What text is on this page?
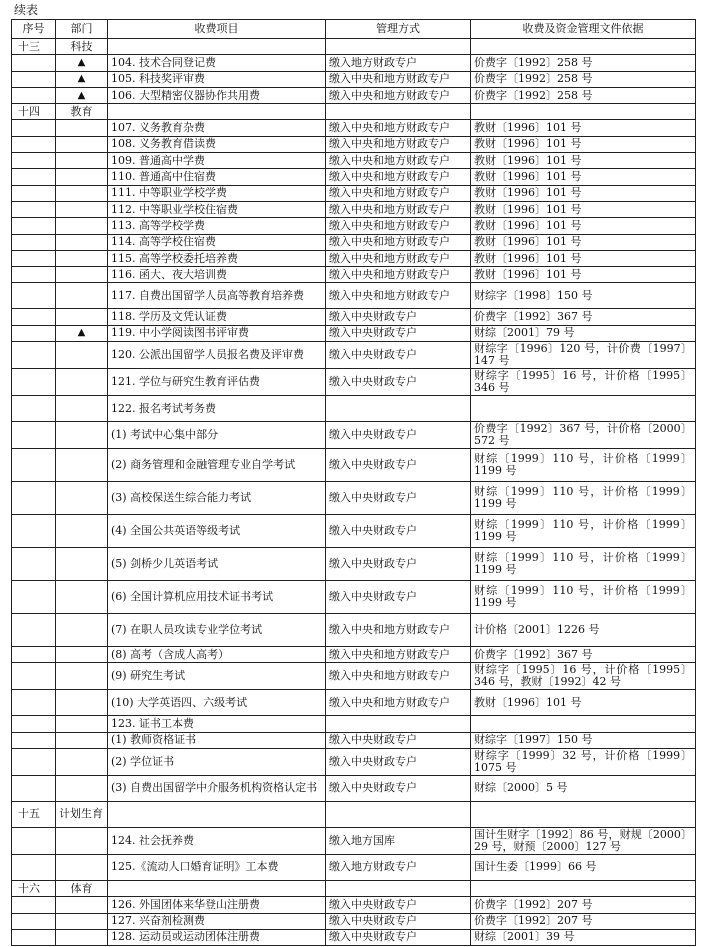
续表
序号	部门	收费项目	管理方式	收费及资金管理文件依据
十三	科技			
	▲	104. 技术合同登记费	缴入地方财政专户	价费字〔1992〕258 号
	▲	105. 科技奖评审费	缴入中央和地方财政专户	价费字〔1992〕258 号
	▲	106. 大型精密仪器协作共用费	缴入中央和地方财政专户	价费字〔1992〕258 号
十四	教育			
		107. 义务教育杂费	缴入中央和地方财政专户	教财〔1996〕101 号
		108. 义务教育借读费	缴入中央和地方财政专户	教财〔1996〕101 号
		109. 普通高中学费	缴入中央和地方财政专户	教财〔1996〕101 号
		110. 普通高中住宿费	缴入中央和地方财政专户	教财〔1996〕101 号
		111. 中等职业学校学费	缴入中央和地方财政专户	教财〔1996〕101 号
		112. 中等职业学校住宿费	缴入中央和地方财政专户	教财〔1996〕101 号
		113. 高等学校学费	缴入中央和地方财政专户	教财〔1996〕101 号
		114. 高等学校住宿费	缴入中央和地方财政专户	教财〔1996〕101 号
		115. 高等学校委托培养费	缴入中央和地方财政专户	教财〔1996〕101 号
		116. 函大、夜大培训费	缴入中央和地方财政专户	教财〔1996〕101 号
		117. 自费出国留学人员高等教育培养费	缴入中央和地方财政专户	财综字〔1998〕150 号
		118. 学历及文凭认证费	缴入中央财政专户	价费字〔1992〕367 号
	▲	119. 中小学阅读图书评审费	缴入中央财政专户	财综〔2001〕79 号
		120. 公派出国留学人员报名费及评审费	缴入中央财政专户	财综字〔1996〕120 号，计价费〔1997〕147 号
		121. 学位与研究生教育评估费	缴入中央财政专户	财综字〔1995〕16 号，计价格〔1995〕346 号
		122. 报名考试考务费		
		(1) 考试中心集中部分	缴入中央财政专户	价费字〔1992〕367 号，计价格〔2000〕572 号
		(2) 商务管理和金融管理专业自学考试	缴入中央财政专户	财综〔1999〕110 号，计价格〔1999〕1199 号
		(3) 高校保送生综合能力考试	缴入中央财政专户	财综〔1999〕110 号，计价格〔1999〕1199 号
		(4) 全国公共英语等级考试	缴入中央财政专户	财综〔1999〕110 号，计价格〔1999〕1199 号
		(5) 剑桥少儿英语考试	缴入中央财政专户	财综〔1999〕110 号，计价格〔1999〕1199 号
		(6) 全国计算机应用技术证书考试	缴入中央财政专户	财综〔1999〕110 号，计价格〔1999〕1199 号
		(7) 在职人员攻读专业学位考试	缴入中央和地方财政专户	计价格〔2001〕1226 号
		(8) 高考（含成人高考）	缴入中央和地方财政专户	价费字〔1992〕367 号
		(9) 研究生考试	缴入中央和地方财政专户	财综字〔1995〕16 号，计价格〔1995〕346 号，教财〔1992〕42 号
		(10) 大学英语四、六级考试	缴入中央和地方财政专户	教财〔1996〕101 号
		123. 证书工本费		
		(1) 教师资格证书	缴入中央财政专户	财综字〔1997〕150 号
		(2) 学位证书	缴入中央财政专户	财综字〔1999〕32 号，计价格〔1999〕1075 号
		(3) 自费出国留学中介服务机构资格认定书	缴入中央财政专户	财综〔2000〕5 号
十五	计划生育			
		124. 社会抚养费	缴入地方国库	国计生财字〔1992〕86 号，财规〔2000〕29 号，财预〔2000〕127 号
		125.《流动人口婚育证明》工本费	缴入地方财政专户	国计生委〔1999〕66 号
十六	体育			
		126. 外国团体来华登山注册费	缴入中央财政专户	价费字〔1992〕207 号
		127. 兴奋剂检测费	缴入中央财政专户	价费字〔1992〕207 号
		128. 运动员或运动团体注册费	缴入中央财政专户	财综〔2001〕39 号
